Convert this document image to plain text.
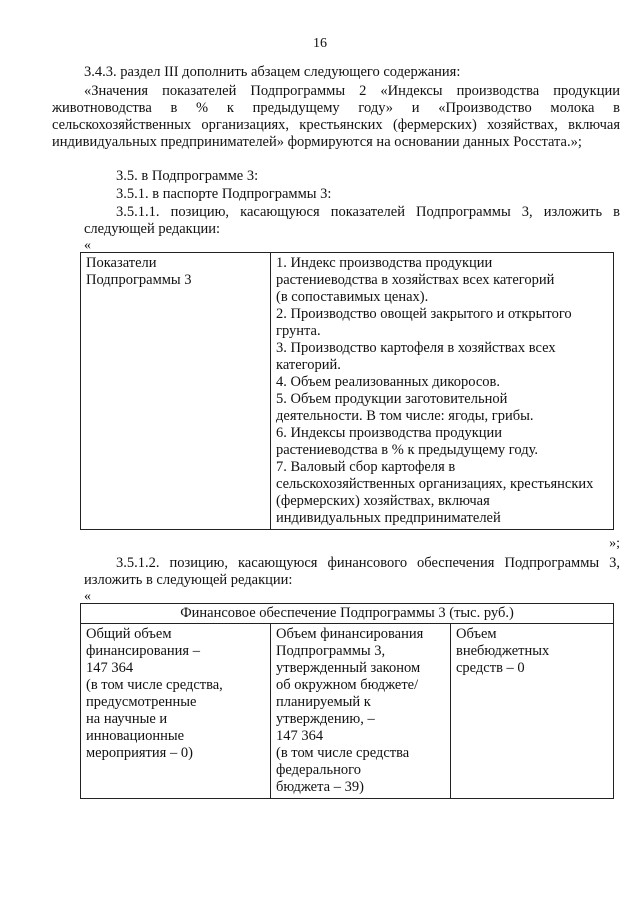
16

3.4.3. раздел III дополнить абзацем следующего содержания:

«Значения показателей Подпрограммы 2 «Индексы производства продукции животноводства в % к предыдущему году» и «Производство молока в сельскохозяйственных организациях, крестьянских (фермерских) хозяйствах, включая индивидуальных предпринимателей» формируются на основании данных Росстата.»;

3.5. в Подпрограмме 3:

3.5.1. в паспорте Подпрограммы 3:

3.5.1.1. позицию, касающуюся показателей Подпрограммы 3, изложить в следующей редакции:

«
Показатели
Подпрограммы 3

1. Индекс производства продукции
растениеводства в хозяйствах всех категорий
(в сопоставимых ценах).
2. Производство овощей закрытого и открытого
грунта.
3. Производство картофеля в хозяйствах всех
категорий.
4. Объем реализованных дикоросов.
5. Объем продукции заготовительной
деятельности. В том числе: ягоды, грибы.
6. Индексы производства продукции
растениеводства в % к предыдущему году.
7. Валовый сбор картофеля в
сельскохозяйственных организациях, крестьянских
(фермерских) хозяйствах, включая
индивидуальных предпринимателей
»;

3.5.1.2. позицию, касающуюся финансового обеспечения Подпрограммы 3, изложить в следующей редакции:

«
Финансовое обеспечение Подпрограммы 3 (тыс. руб.)

Общий объем
финансирования –
147 364
(в том числе средства,
предусмотренные
на научные и
инновационные
мероприятия – 0)

Объем финансирования
Подпрограммы 3,
утвержденный законом
об окружном бюджете/
планируемый к
утверждению, –
147 364
(в том числе средства
федерального
бюджета – 39)

Объем
внебюджетных
средств – 0
